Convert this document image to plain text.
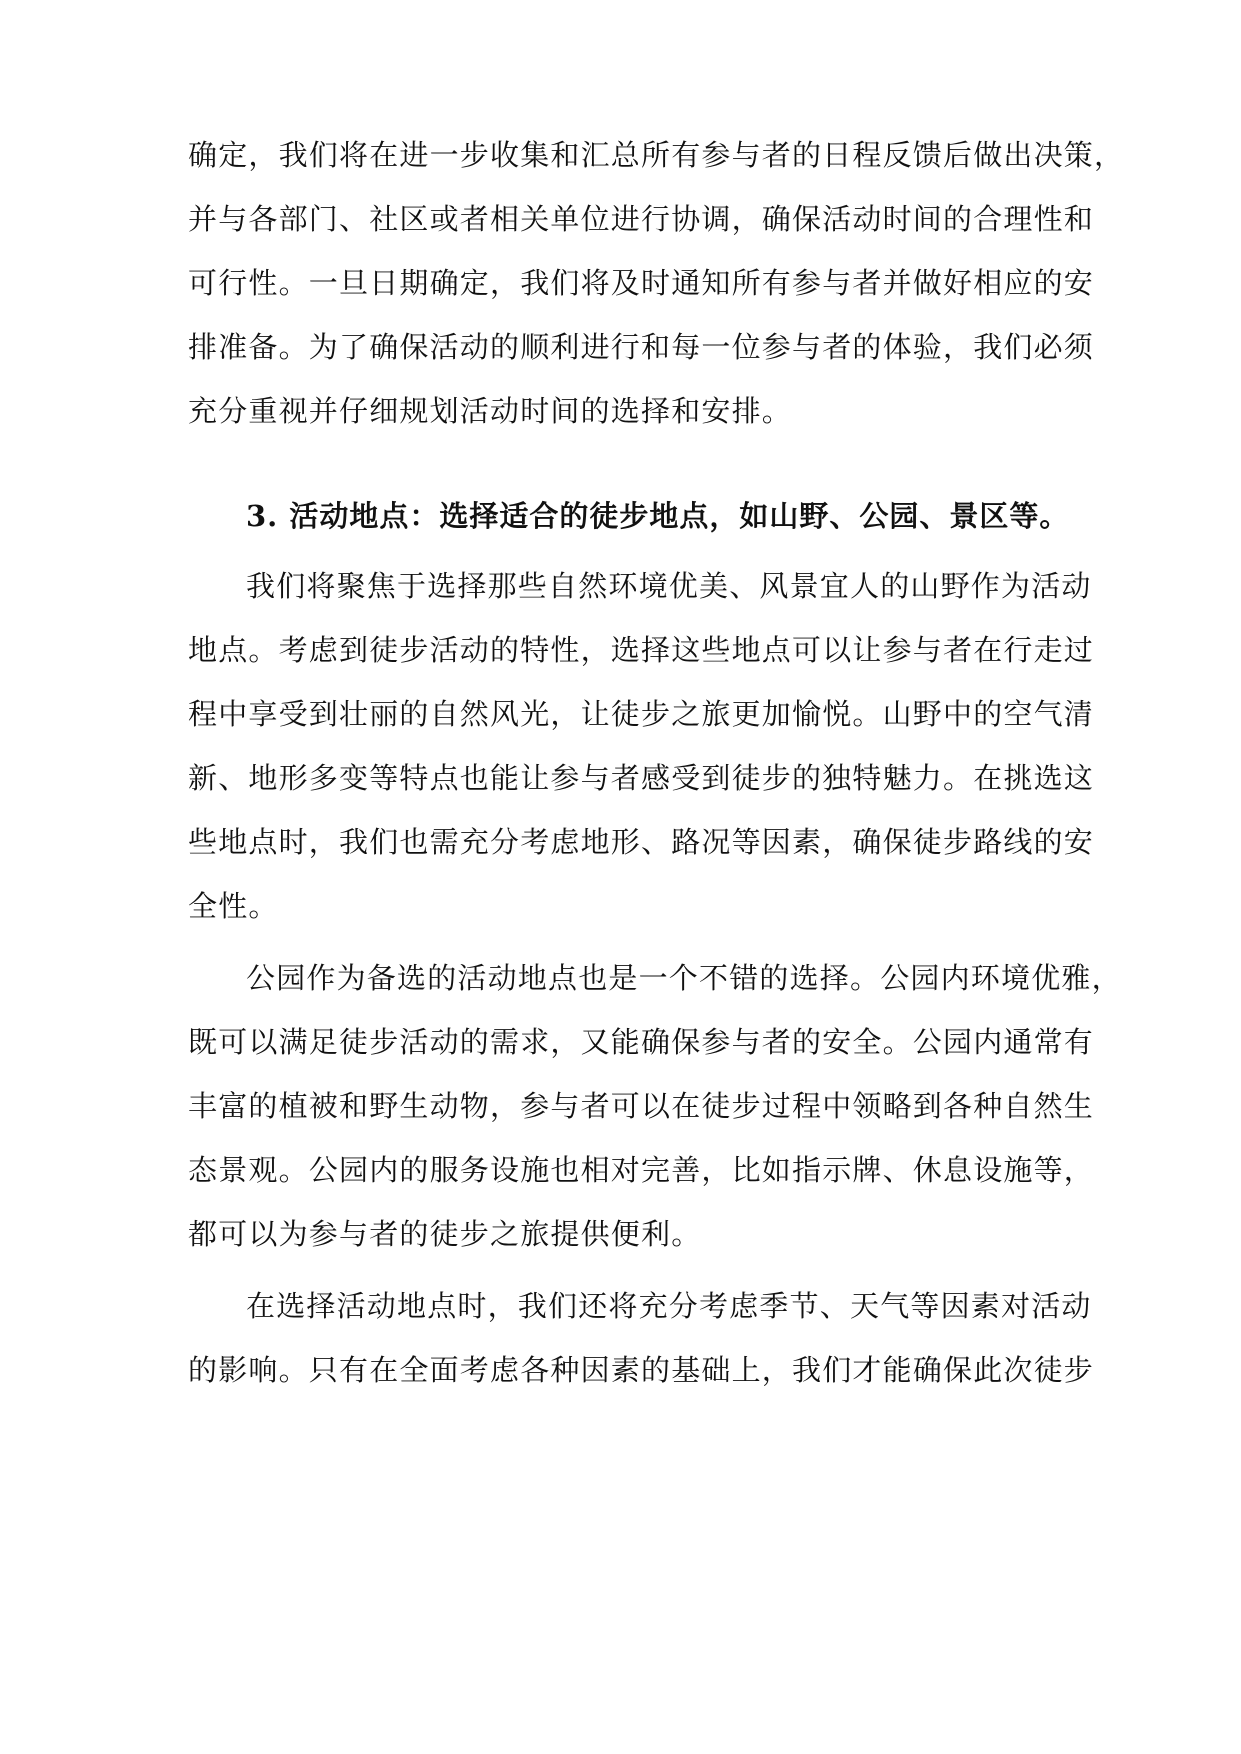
确定，我们将在进一步收集和汇总所有参与者的日程反馈后做出决策，
并与各部门、社区或者相关单位进行协调，确保活动时间的合理性和
可行性。一旦日期确定，我们将及时通知所有参与者并做好相应的安
排准备。为了确保活动的顺利进行和每一位参与者的体验，我们必须
充分重视并仔细规划活动时间的选择和安排。
3. 活动地点：选择适合的徒步地点，如山野、公园、景区等。
我们将聚焦于选择那些自然环境优美、风景宜人的山野作为活动
地点。考虑到徒步活动的特性，选择这些地点可以让参与者在行走过
程中享受到壮丽的自然风光，让徒步之旅更加愉悦。山野中的空气清
新、地形多变等特点也能让参与者感受到徒步的独特魅力。在挑选这
些地点时，我们也需充分考虑地形、路况等因素，确保徒步路线的安
全性。
公园作为备选的活动地点也是一个不错的选择。公园内环境优雅，
既可以满足徒步活动的需求，又能确保参与者的安全。公园内通常有
丰富的植被和野生动物，参与者可以在徒步过程中领略到各种自然生
态景观。公园内的服务设施也相对完善，比如指示牌、休息设施等，
都可以为参与者的徒步之旅提供便利。
在选择活动地点时，我们还将充分考虑季节、天气等因素对活动
的影响。只有在全面考虑各种因素的基础上，我们才能确保此次徒步
